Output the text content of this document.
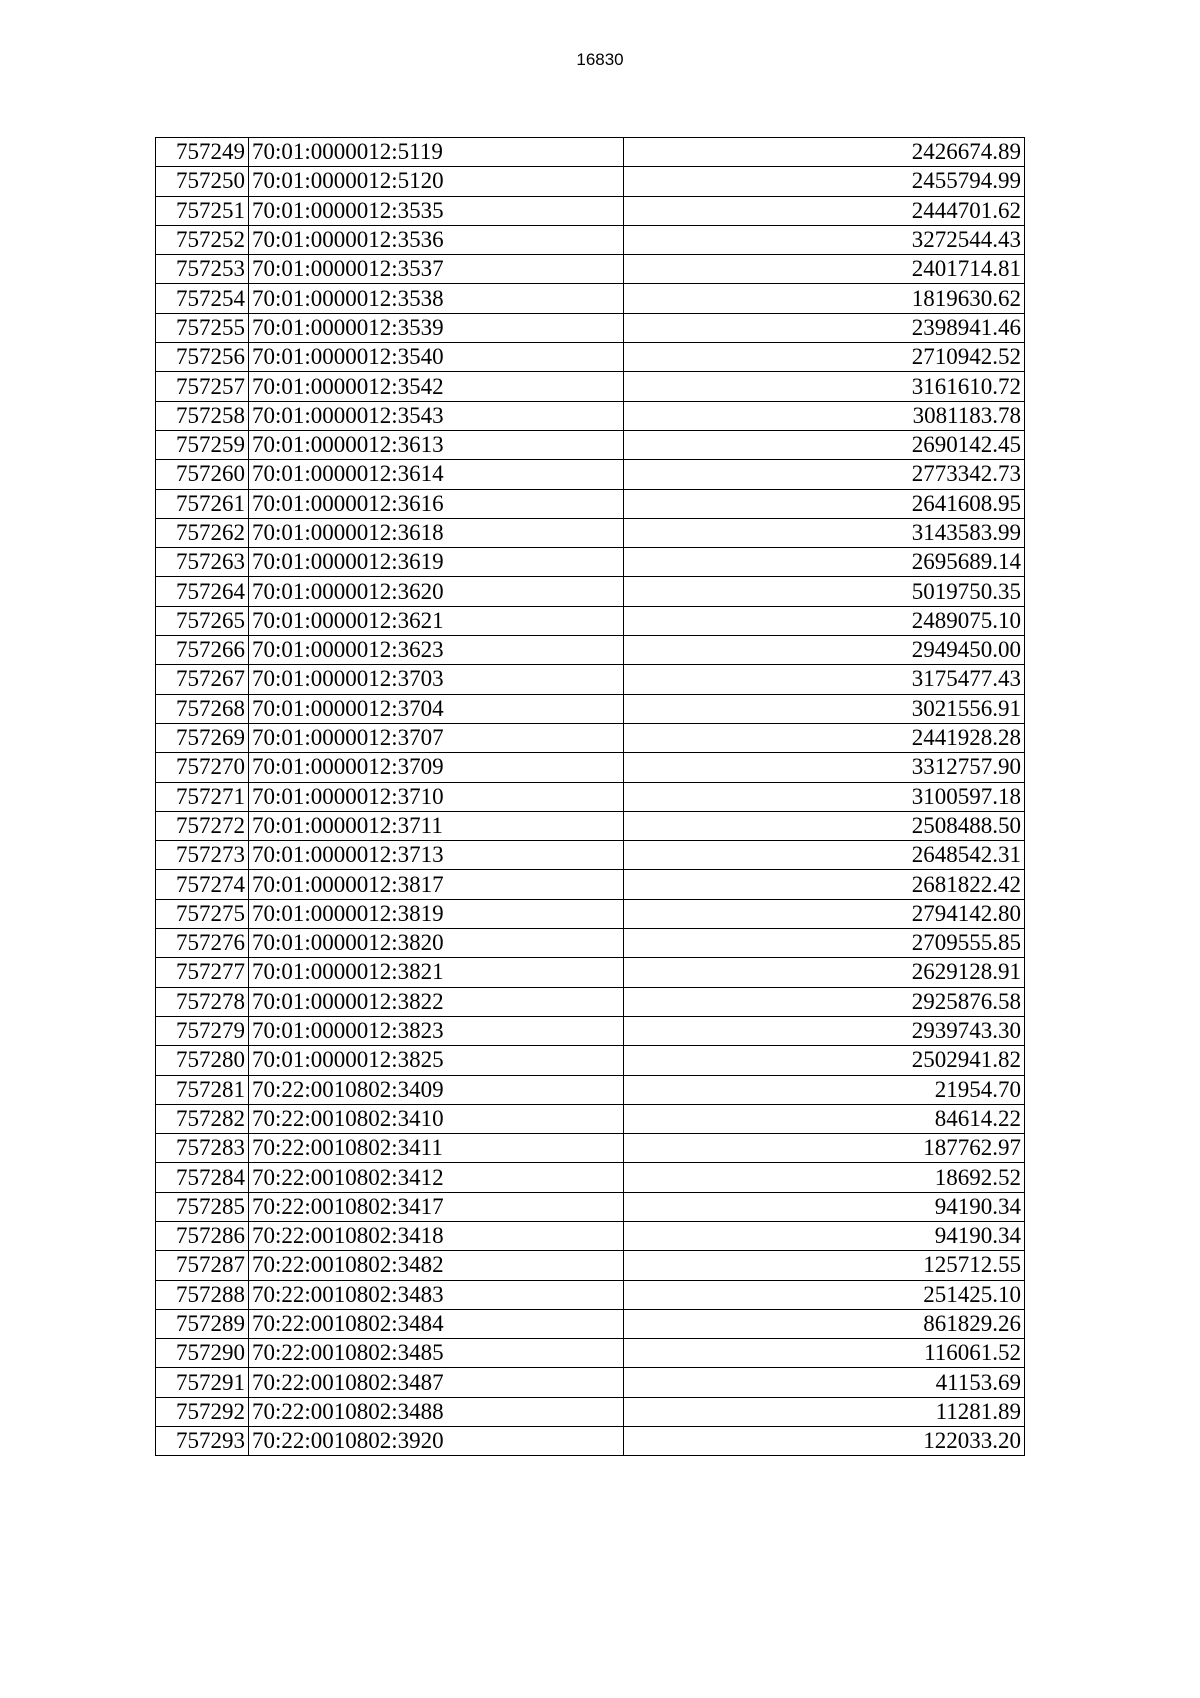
16830
757249	70:01:0000012:5119	2426674.89
757250	70:01:0000012:5120	2455794.99
757251	70:01:0000012:3535	2444701.62
757252	70:01:0000012:3536	3272544.43
757253	70:01:0000012:3537	2401714.81
757254	70:01:0000012:3538	1819630.62
757255	70:01:0000012:3539	2398941.46
757256	70:01:0000012:3540	2710942.52
757257	70:01:0000012:3542	3161610.72
757258	70:01:0000012:3543	3081183.78
757259	70:01:0000012:3613	2690142.45
757260	70:01:0000012:3614	2773342.73
757261	70:01:0000012:3616	2641608.95
757262	70:01:0000012:3618	3143583.99
757263	70:01:0000012:3619	2695689.14
757264	70:01:0000012:3620	5019750.35
757265	70:01:0000012:3621	2489075.10
757266	70:01:0000012:3623	2949450.00
757267	70:01:0000012:3703	3175477.43
757268	70:01:0000012:3704	3021556.91
757269	70:01:0000012:3707	2441928.28
757270	70:01:0000012:3709	3312757.90
757271	70:01:0000012:3710	3100597.18
757272	70:01:0000012:3711	2508488.50
757273	70:01:0000012:3713	2648542.31
757274	70:01:0000012:3817	2681822.42
757275	70:01:0000012:3819	2794142.80
757276	70:01:0000012:3820	2709555.85
757277	70:01:0000012:3821	2629128.91
757278	70:01:0000012:3822	2925876.58
757279	70:01:0000012:3823	2939743.30
757280	70:01:0000012:3825	2502941.82
757281	70:22:0010802:3409	21954.70
757282	70:22:0010802:3410	84614.22
757283	70:22:0010802:3411	187762.97
757284	70:22:0010802:3412	18692.52
757285	70:22:0010802:3417	94190.34
757286	70:22:0010802:3418	94190.34
757287	70:22:0010802:3482	125712.55
757288	70:22:0010802:3483	251425.10
757289	70:22:0010802:3484	861829.26
757290	70:22:0010802:3485	116061.52
757291	70:22:0010802:3487	41153.69
757292	70:22:0010802:3488	11281.89
757293	70:22:0010802:3920	122033.20
